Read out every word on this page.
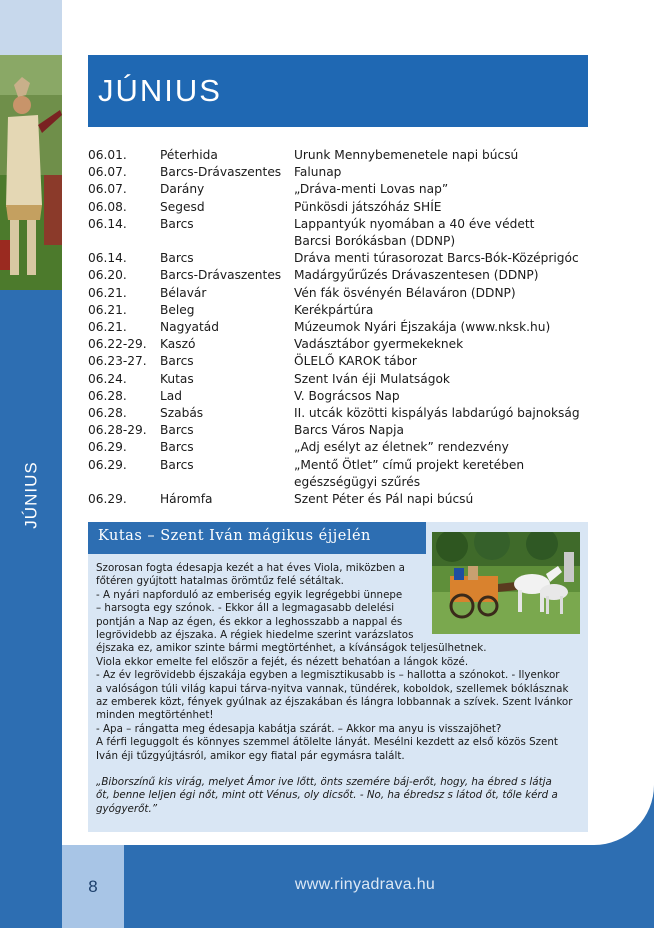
JÚNIUS
8	www.rinyadrava.hu
JÚNIUS
06.01.	Péterhida	Urunk Mennybemenetele napi búcsú
06.07.	Barcs-Drávaszentes	Falunap
06.07.	Darány	„Dráva-menti Lovas nap”
06.08.	Segesd	Pünkösdi játszóház SHÍE
06.14.	Barcs	Lappantyúk nyomában a 40 éve védett
Barcsi Borókásban (DDNP)
06.14.	Barcs	Dráva menti túrasorozat Barcs-Bók-Középrigóc
06.20.	Barcs-Drávaszentes	Madárgyűrűzés Drávaszentesen (DDNP)
06.21.	Bélavár	Vén fák ösvényén Bélaváron (DDNP)
06.21.	Beleg	Kerékpártúra
06.21.	Nagyatád	Múzeumok Nyári Éjszakája (www.nksk.hu)
06.22-29.	Kaszó	Vadásztábor gyermekeknek
06.23-27.	Barcs	ÖLELŐ KAROK tábor
06.24.	Kutas	Szent Iván éji Mulatságok
06.28.	Lad	V. Bográcsos Nap
06.28.	Szabás	II. utcák közötti kispályás labdarúgó bajnokság
06.28-29.	Barcs	Barcs Város Napja
06.29.	Barcs	„Adj esélyt az életnek” rendezvény
06.29.	Barcs	„Mentő Ötlet” című projekt keretében
egészségügyi szűrés
06.29.	Háromfa	Szent Péter és Pál napi búcsú
Kutas – Szent Iván mágikus éjjelén

Szorosan fogta édesapja kezét a hat éves Viola, miközben a

főtéren gyújtott hatalmas örömtűz felé sétáltak.

- A nyári napforduló az emberiség egyik legrégebbi ünnepe

– harsogta egy szónok. - Ekkor áll a legmagasabb delelési

pontján a Nap az égen, és ekkor a leghosszabb a nappal és

legrövidebb az éjszaka. A régiek hiedelme szerint varázslatos

éjszaka ez, amikor szinte bármi megtörténhet, a kívánságok teljesülhetnek.

Viola ekkor emelte fel először a fejét, és nézett behatóan a lángok közé.

- Az év legrövidebb éjszakája egyben a legmisztikusabb is – hallotta a szónokot. - Ilyenkor

a valóságon túli világ kapui tárva-nyitva vannak, tündérek, koboldok, szellemek bóklásznak

az emberek közt, fények gyúlnak az éjszakában és lángra lobbannak a szívek. Szent Ivánkor

minden megtörténhet!

- Apa – rángatta meg édesapja kabátja szárát. – Akkor ma anyu is visszajöhet?

A férfi leguggolt és könnyes szemmel átölelte lányát. Mesélni kezdett az első közös Szent

Iván éji tűzgyújtásról, amikor egy fiatal pár egymásra talált.

„Biborszínű kis virág, melyet Ámor ive lőtt, önts szemére báj-erőt, hogy, ha ébred s látja

őt, benne leljen égi nőt, mint ott Vénus, oly dicsőt. - No, ha ébredsz s látod őt, tőle kérd a

gyógyerőt.”
